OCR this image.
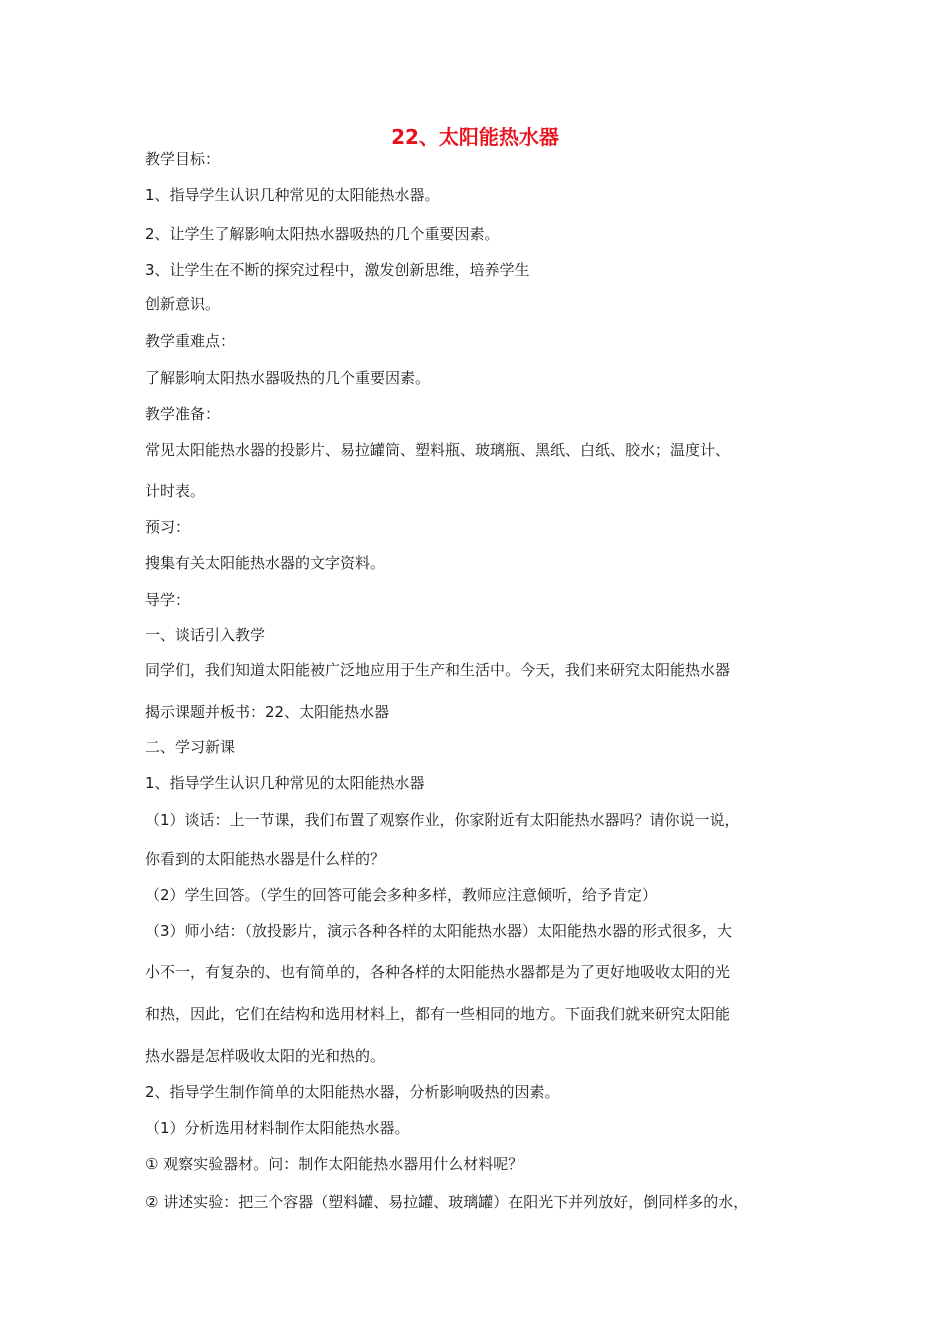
22、太阳能热水器
教学目标：
1、指导学生认识几种常见的太阳能热水器。
2、让学生了解影响太阳热水器吸热的几个重要因素。
3、让学生在不断的探究过程中，激发创新思维，培养学生
创新意识。
教学重难点：
了解影响太阳热水器吸热的几个重要因素。
教学准备：
常见太阳能热水器的投影片、易拉罐筒、塑料瓶、玻璃瓶、黑纸、白纸、胶水；温度计、
计时表。
预习：
搜集有关太阳能热水器的文字资料。
导学：
一、谈话引入教学
同学们，我们知道太阳能被广泛地应用于生产和生活中。今天，我们来研究太阳能热水器
揭示课题并板书：22、太阳能热水器
二、学习新课
1、指导学生认识几种常见的太阳能热水器
（1）谈话：上一节课，我们布置了观察作业，你家附近有太阳能热水器吗？请你说一说，
你看到的太阳能热水器是什么样的？
（2）学生回答。（学生的回答可能会多种多样，教师应注意倾听，给予肯定）
（3）师小结：（放投影片，演示各种各样的太阳能热水器）太阳能热水器的形式很多，大
小不一，有复杂的、也有简单的，各种各样的太阳能热水器都是为了更好地吸收太阳的光
和热，因此，它们在结构和选用材料上，都有一些相同的地方。下面我们就来研究太阳能
热水器是怎样吸收太阳的光和热的。
2、指导学生制作简单的太阳能热水器，分析影响吸热的因素。
（1）分析选用材料制作太阳能热水器。
① 观察实验器材。问：制作太阳能热水器用什么材料呢？
② 讲述实验：把三个容器（塑料罐、易拉罐、玻璃罐）在阳光下并列放好，倒同样多的水，
